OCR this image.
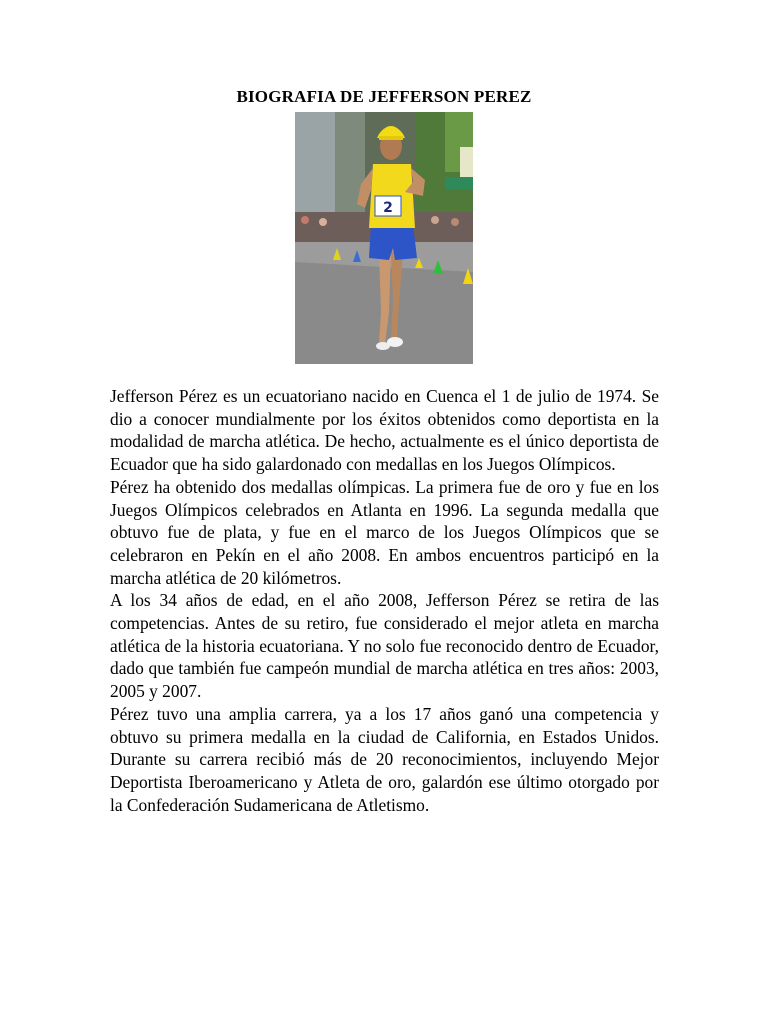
BIOGRAFIA DE JEFFERSON PEREZ
2

Jefferson Pérez es un ecuatoriano nacido en Cuenca el 1 de julio de 1974. Se dio a conocer mundialmente por los éxitos obtenidos como deportista en la modalidad de marcha atlética. De hecho, actualmente es el único deportista de Ecuador que ha sido galardonado con medallas en los Juegos Olímpicos.

Pérez ha obtenido dos medallas olímpicas. La primera fue de oro y fue en los Juegos Olímpicos celebrados en Atlanta en 1996. La segunda medalla que obtuvo fue de plata, y fue en el marco de los Juegos Olímpicos que se celebraron en Pekín en el año 2008. En ambos encuentros participó en la marcha atlética de 20 kilómetros.

A los 34 años de edad, en el año 2008, Jefferson Pérez se retira de las competencias. Antes de su retiro, fue considerado el mejor atleta en marcha atlética de la historia ecuatoriana. Y no solo fue reconocido dentro de Ecuador, dado que también fue campeón mundial de marcha atlética en tres años: 2003, 2005 y 2007.

Pérez tuvo una amplia carrera, ya a los 17 años ganó una competencia y obtuvo su primera medalla en la ciudad de California, en Estados Unidos. Durante su carrera recibió más de 20 reconocimientos, incluyendo Mejor Deportista Iberoamericano y Atleta de oro, galardón ese último otorgado por la Confederación Sudamericana de Atletismo.
